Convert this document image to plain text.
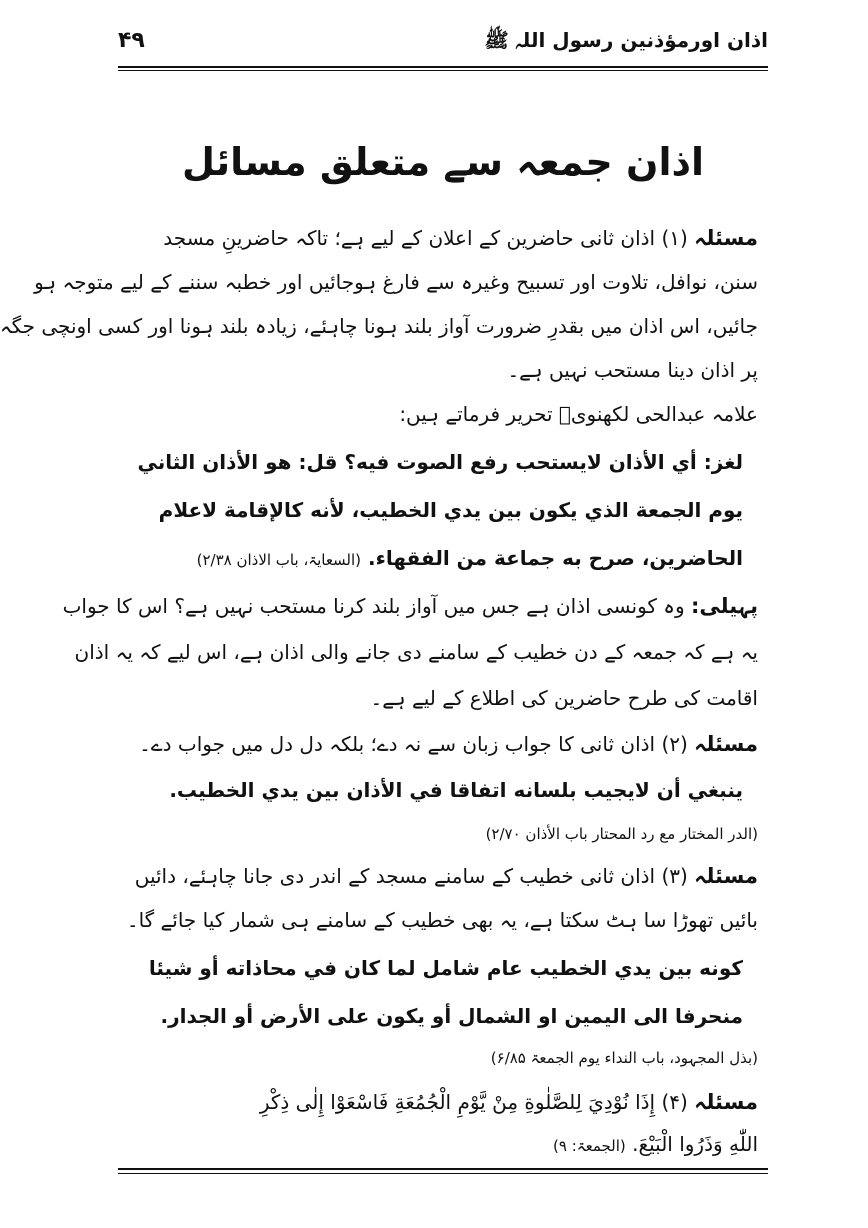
اذان اورمؤذنین رسول اللہ ﷺ
۴۹
اذان جمعہ سے متعلق مسائل
مسئلہ (۱) اذان ثانی حاضرین کے اعلان کے لیے ہے؛ تاکہ حاضرینِ مسجد
سنن، نوافل، تلاوت اور تسبیح وغیرہ سے فارغ ہوجائیں اور خطبہ سننے کے لیے متوجہ ہو
جائیں، اس اذان میں بقدرِ ضرورت آواز بلند ہونا چاہئے، زیادہ بلند ہونا اور کسی اونچی جگہ
پر اذان دینا مستحب نہیں ہے۔
علامہ عبدالحی لکھنویؒ تحریر فرماتے ہیں:
لغز: أي الأذان لايستحب رفع الصوت فيه؟ قل: هو الأذان الثاني
يوم الجمعة الذي يكون بين يدي الخطيب، لأنه كالإقامة لاعلام
الحاضرين، صرح به جماعة من الفقهاء. (السعایۃ، باب الاذان ۲/۳۸)
پہیلی: وہ کونسی اذان ہے جس میں آواز بلند کرنا مستحب نہیں ہے؟ اس کا جواب
یہ ہے کہ جمعہ کے دن خطیب کے سامنے دی جانے والی اذان ہے، اس لیے کہ یہ اذان
اقامت کی طرح حاضرین کی اطلاع کے لیے ہے۔
مسئلہ (۲) اذان ثانی کا جواب زبان سے نہ دے؛ بلکہ دل دل میں جواب دے۔
ينبغي أن لايجيب بلسانه اتفاقا في الأذان بين يدي الخطيب.
(الدر المختار مع رد المحتار باب الأذان ۲/۷۰)
مسئلہ (۳) اذان ثانی خطیب کے سامنے مسجد کے اندر دی جانا چاہئے، دائیں
بائیں تھوڑا سا ہٹ سکتا ہے، یہ بھی خطیب کے سامنے ہی شمار کیا جائے گا۔
كونه بين يدي الخطيب عام شامل لما كان في محاذاته أو شيئا
منحرفا الى اليمين او الشمال أو يكون على الأرض أو الجدار.
(بذل المجہود، باب النداء یوم الجمعۃ ۶/۸۵)
مسئلہ (۴) إِذَا نُوْدِيَ لِلصَّلٰوةِ مِنْ يَّوْمِ الْجُمُعَةِ فَاسْعَوْا إِلٰى ذِكْرِ
اللّٰهِ وَذَرُوا الْبَيْعَ. (الجمعۃ: ۹)
